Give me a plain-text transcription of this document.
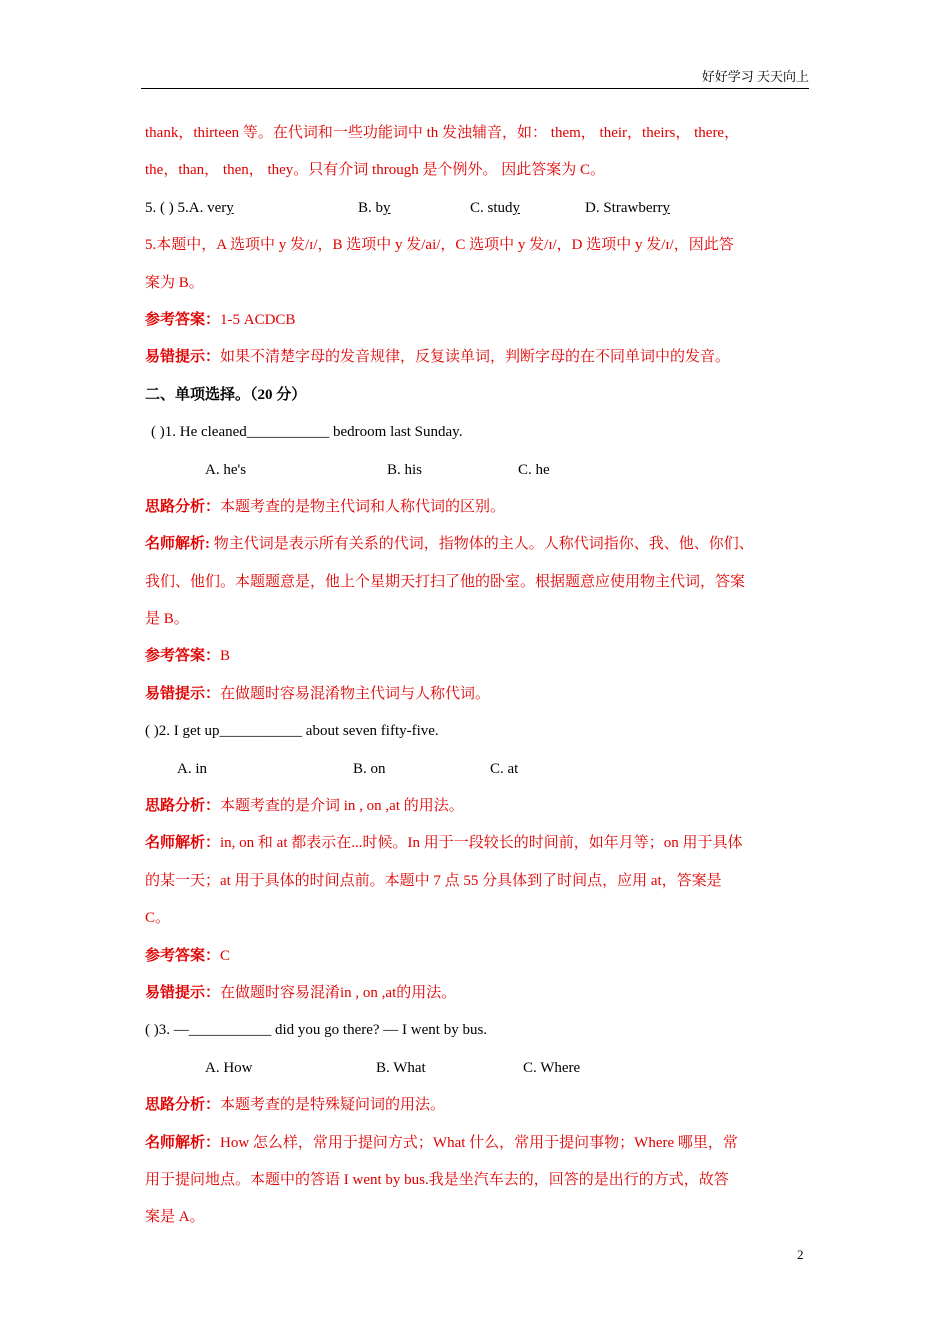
好好学习 天天向上
thank，thirteen 等。在代词和一些功能词中 th 发浊辅音，如： them， their，theirs， there，
the，than， then， they。只有介词 through 是个例外。 因此答案为 C。
5. ( ) 5.A. very	B. by	C. study	D. Strawberry
5.本题中，A 选项中 y 发/ɪ/，B 选项中 y 发/ai/，C 选项中 y 发/ɪ/，D 选项中 y 发/ɪ/，因此答
案为 B。
参考答案：1-5 ACDCB
易错提示：如果不清楚字母的发音规律，反复读单词，判断字母的在不同单词中的发音。
二、单项选择。（20 分）
( )1. He cleaned___________ bedroom last Sunday.
A. he's	B. his	C. he
思路分析：本题考查的是物主代词和人称代词的区别。
名师解析: 物主代词是表示所有关系的代词，指物体的主人。人称代词指你、我、他、你们、
我们、他们。本题题意是，他上个星期天打扫了他的卧室。根据题意应使用物主代词，答案
是 B。
参考答案：B
易错提示：在做题时容易混淆物主代词与人称代词。
( )2. I get up___________ about seven fifty-five.
A. in	B. on	C. at
思路分析：本题考查的是介词 in , on ,at 的用法。
名师解析：in, on 和 at 都表示在...时候。In 用于一段较长的时间前，如年月等；on 用于具体
的某一天；at 用于具体的时间点前。本题中 7 点 55 分具体到了时间点，应用 at，答案是
C。
参考答案：C
易错提示：在做题时容易混淆in , on ,at的用法。
( )3. —___________ did you go there? — I went by bus.
A. How	B. What	C. Where
思路分析：本题考查的是特殊疑问词的用法。
名师解析：How 怎么样，常用于提问方式；What 什么，常用于提问事物；Where 哪里，常
用于提问地点。本题中的答语 I went by bus.我是坐汽车去的，回答的是出行的方式，故答
案是 A。
2
